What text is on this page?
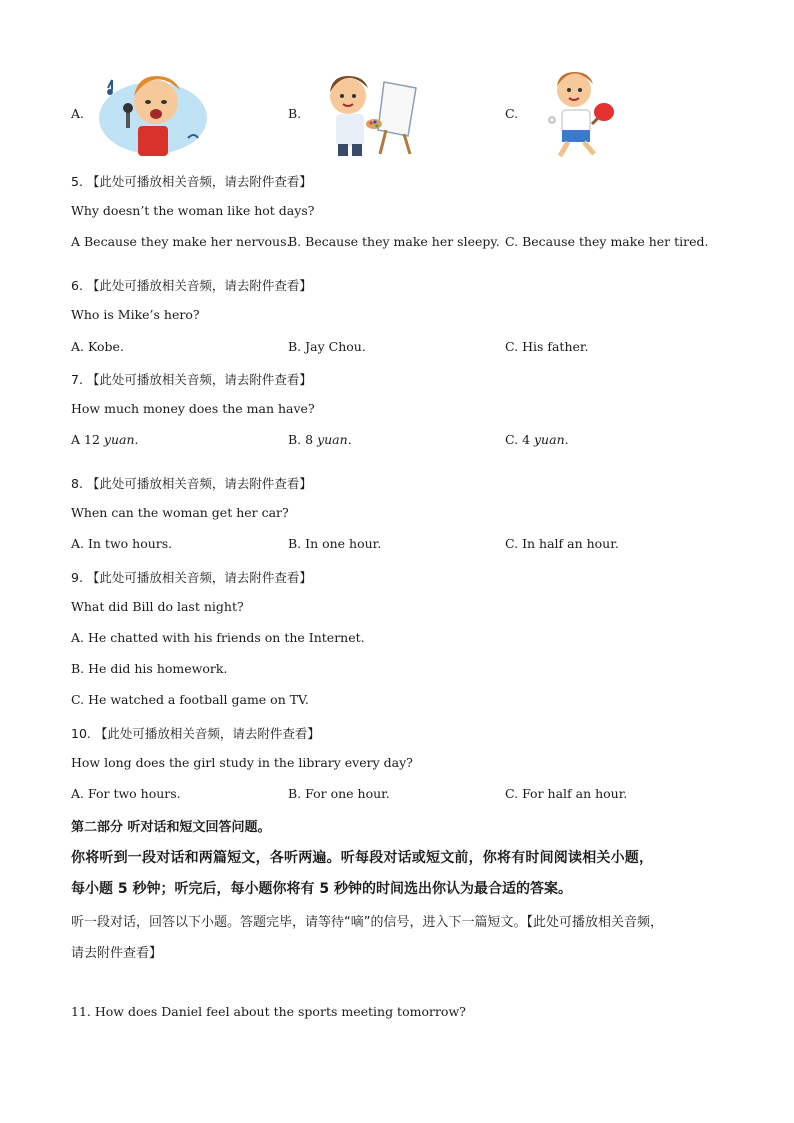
A.	B.	C.
5. 【此处可播放相关音频，请去附件查看】
Why doesn’t the woman like hot days?
A Because they make her nervous.
B. Because they make her sleepy. C. Because they make her tired.
6. 【此处可播放相关音频，请去附件查看】
Who is Mike’s hero?
A. Kobe.	B. Jay Chou.	C. His father.
7. 【此处可播放相关音频，请去附件查看】
How much money does the man have?
A 12 yuan.	B. 8 yuan.	C. 4 yuan.
8. 【此处可播放相关音频，请去附件查看】
When can the woman get her car?
A. In two hours.	B. In one hour.	C. In half an hour.
9. 【此处可播放相关音频，请去附件查看】
What did Bill do last night?
A. He chatted with his friends on the Internet.
B. He did his homework.
C. He watched a football game on TV.
10. 【此处可播放相关音频，请去附件查看】
How long does the girl study in the library every day?
A. For two hours.	B. For one hour.	C. For half an hour.
第二部分 听对话和短文回答问题。
你将听到一段对话和两篇短文，各听两遍。听每段对话或短文前，你将有时间阅读相关小题，
每小题 5 秒钟；听完后，每小题你将有 5 秒钟的时间选出你认为最合适的答案。
听一段对话，回答以下小题。答题完毕，请等待“嘀”的信号，进入下一篇短文。【此处可播放相关音频，
请去附件查看】
11. How does Daniel feel about the sports meeting tomorrow?
